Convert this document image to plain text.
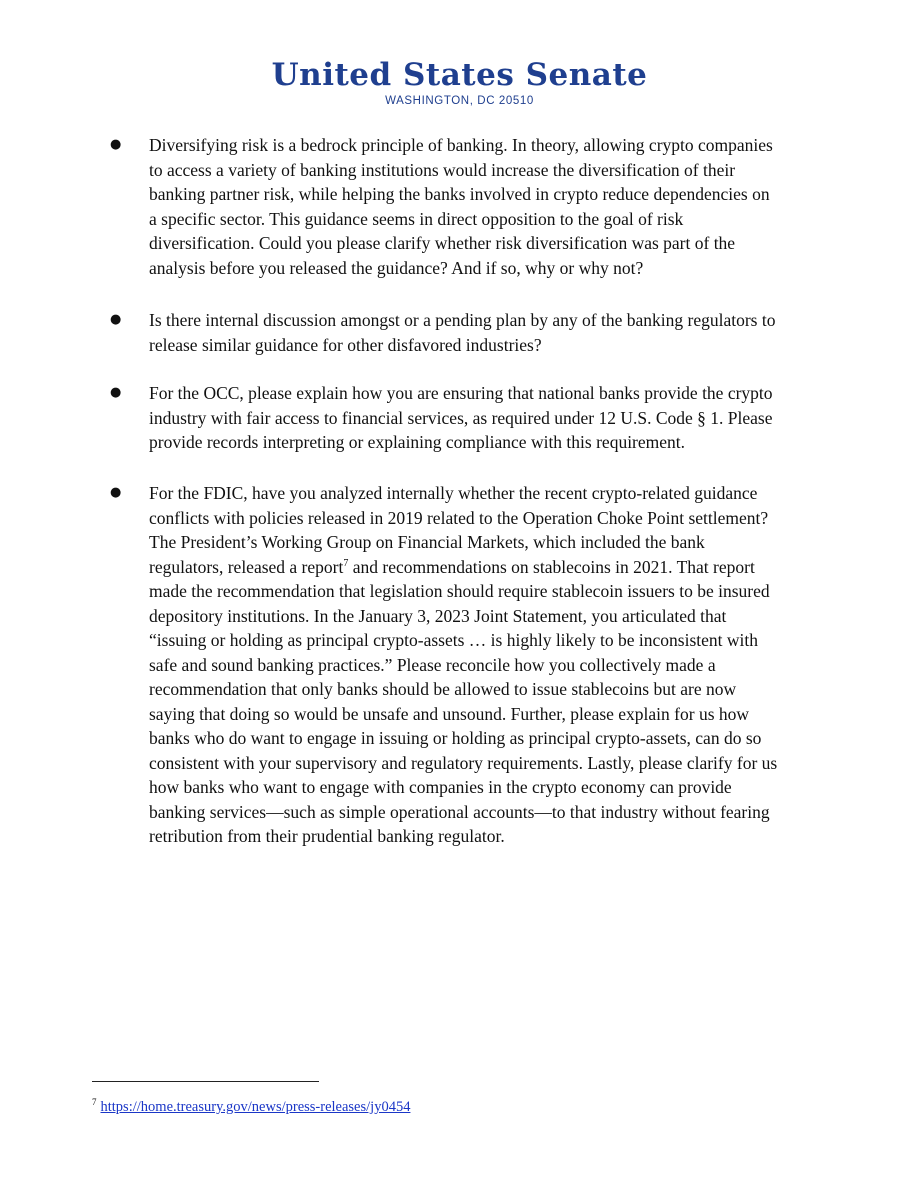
United States Senate
WASHINGTON, DC 20510
● Diversifying risk is a bedrock principle of banking. In theory, allowing crypto companies
to access a variety of banking institutions would increase the diversification of their
banking partner risk, while helping the banks involved in crypto reduce dependencies on
a specific sector. This guidance seems in direct opposition to the goal of risk
diversification. Could you please clarify whether risk diversification was part of the
analysis before you released the guidance? And if so, why or why not?
● Is there internal discussion amongst or a pending plan by any of the banking regulators to
release similar guidance for other disfavored industries?
● For the OCC, please explain how you are ensuring that national banks provide the crypto
industry with fair access to financial services, as required under 12 U.S. Code § 1. Please
provide records interpreting or explaining compliance with this requirement.
● For the FDIC, have you analyzed internally whether the recent crypto-related guidance
conflicts with policies released in 2019 related to the Operation Choke Point settlement?
The President’s Working Group on Financial Markets, which included the bank
regulators, released a report$^7$ and recommendations on stablecoins in 2021. That report
made the recommendation that legislation should require stablecoin issuers to be insured
depository institutions. In the January 3, 2023 Joint Statement, you articulated that
“issuing or holding as principal crypto-assets … is highly likely to be inconsistent with
safe and sound banking practices.” Please reconcile how you collectively made a
recommendation that only banks should be allowed to issue stablecoins but are now
saying that doing so would be unsafe and unsound. Further, please explain for us how
banks who do want to engage in issuing or holding as principal crypto-assets, can do so
consistent with your supervisory and regulatory requirements. Lastly, please clarify for us
how banks who want to engage with companies in the crypto economy can provide
banking services—such as simple operational accounts—to that industry without fearing
retribution from their prudential banking regulator.
$^7$ https://home.treasury.gov/news/press-releases/jy0454
